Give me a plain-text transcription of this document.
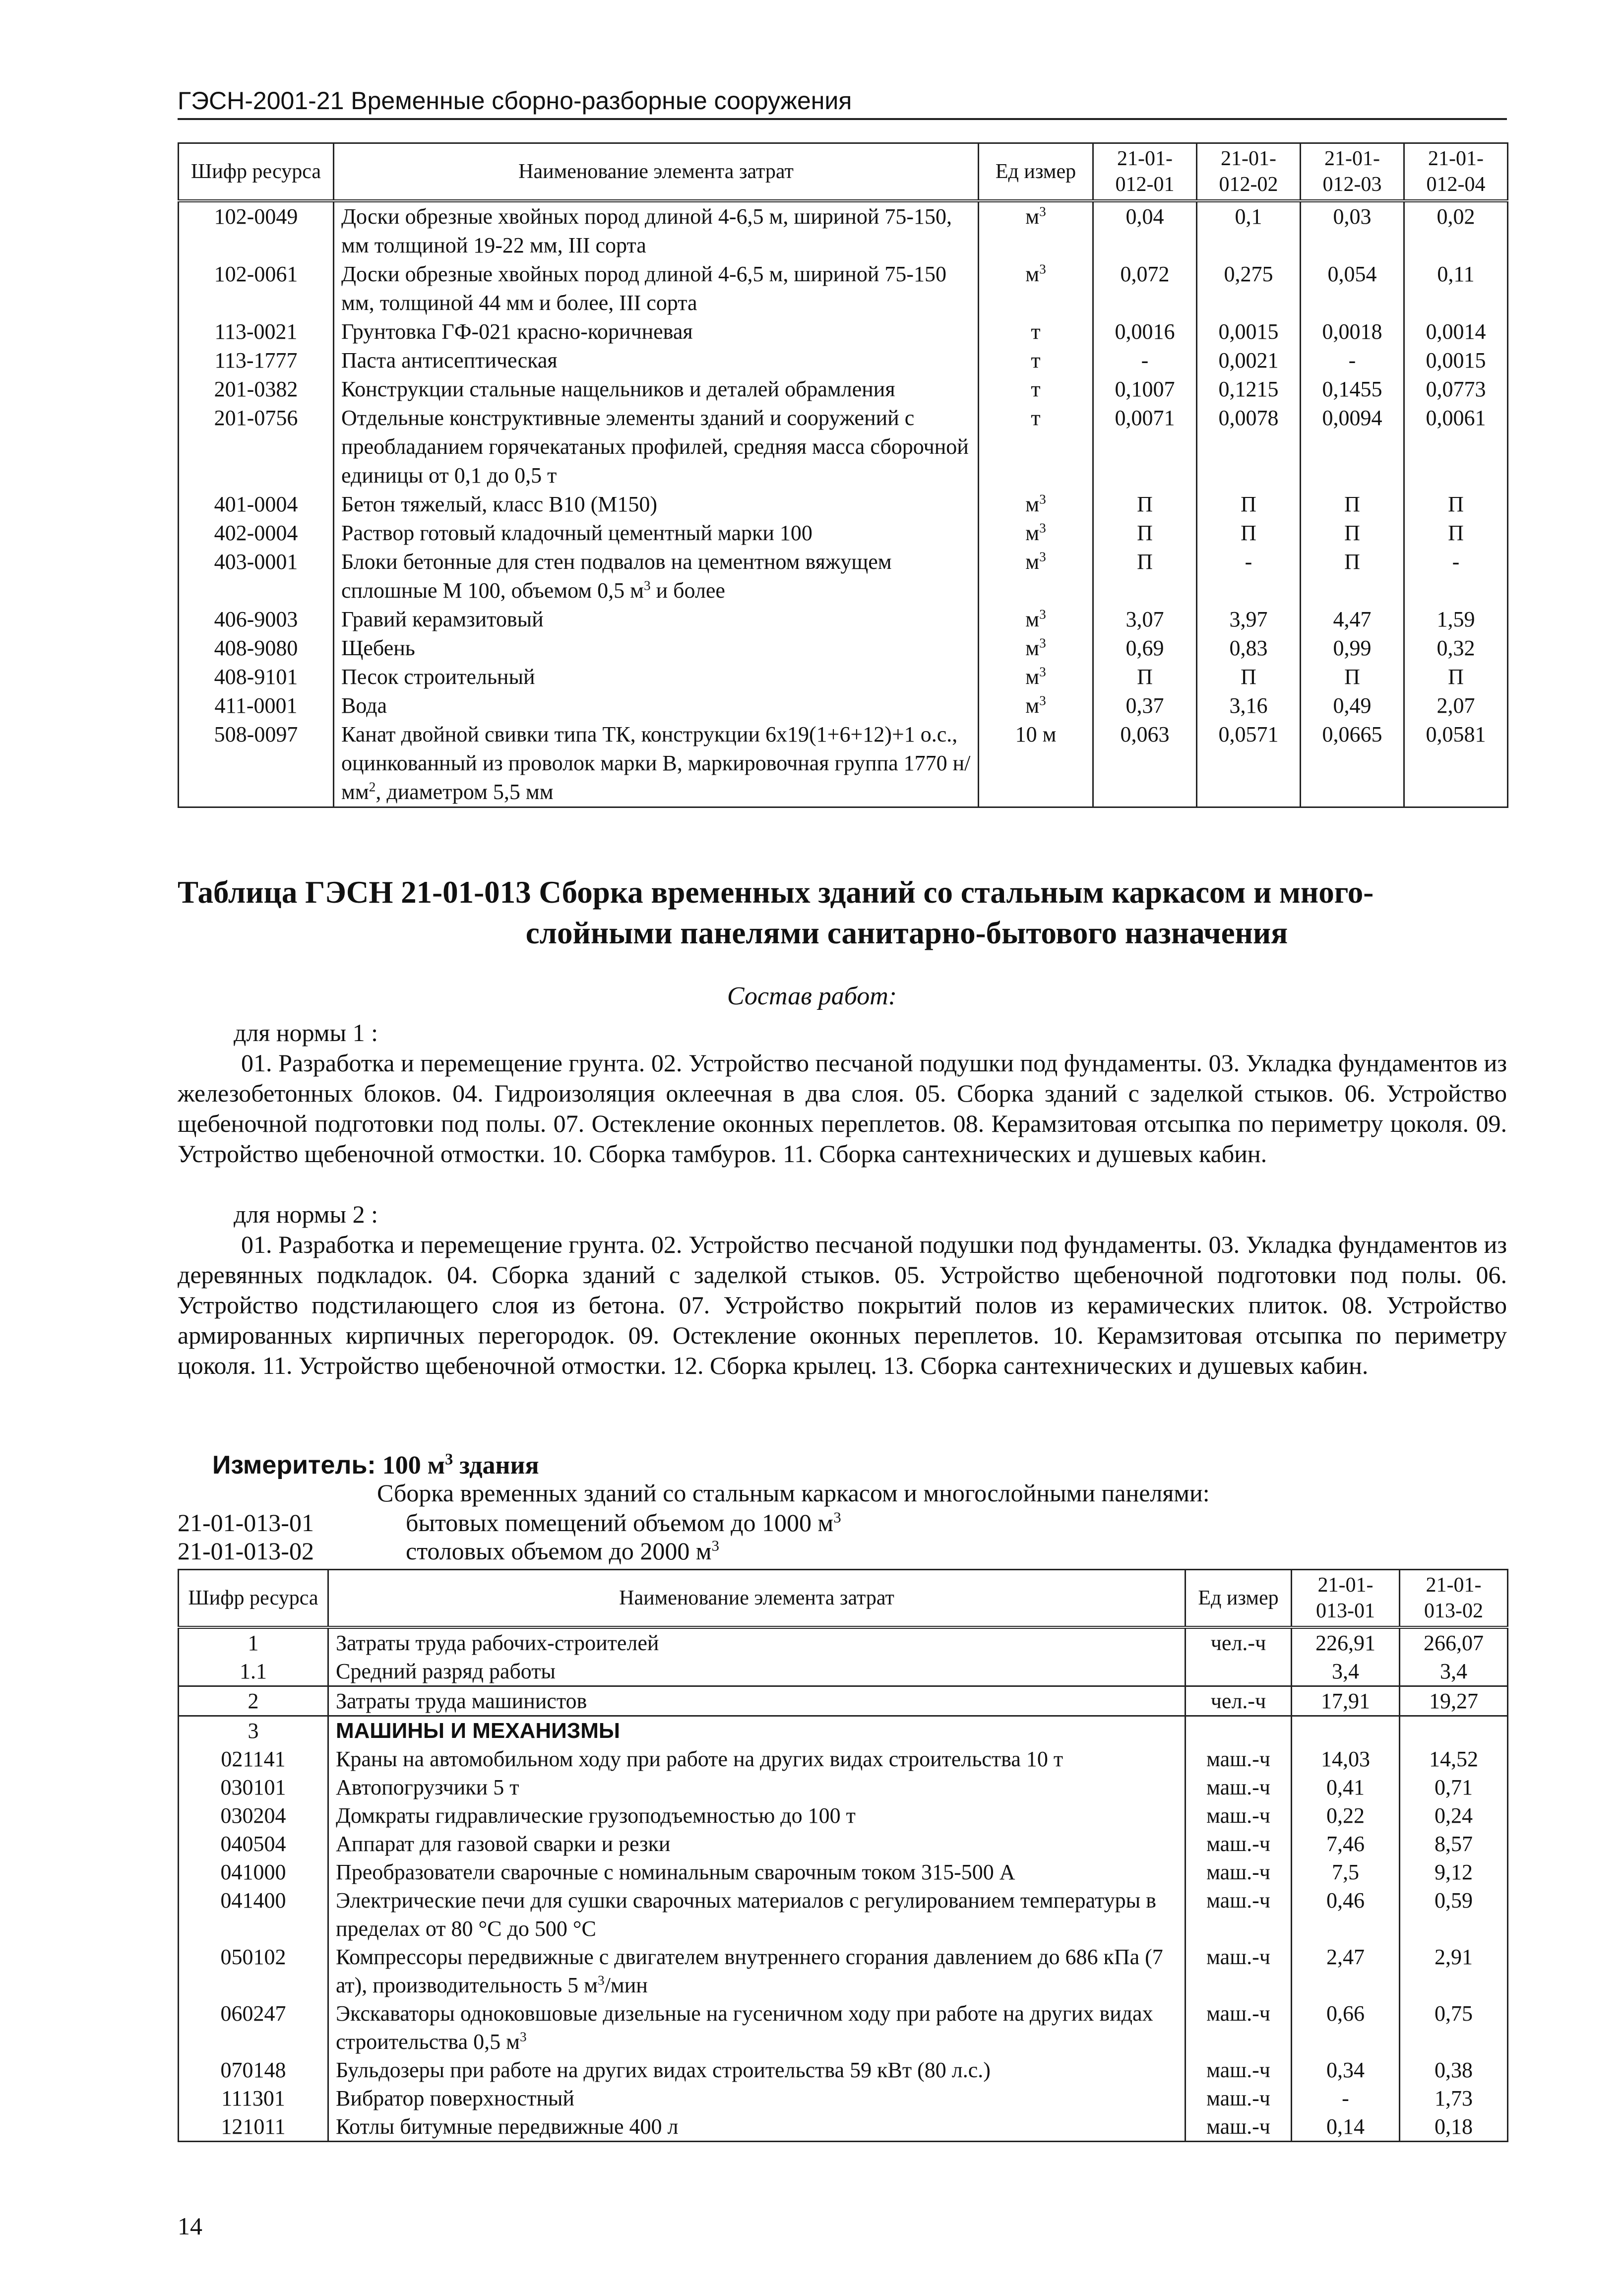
ГЭСН-2001-21 Временные сборно-разборные сооружения
Шифр ресурса	Наименование элемента затрат	Ед измер	21-01-012-01	21-01-012-02	21-01-012-03	21-01-012-04
102-0049	Доски обрезные хвойных пород длиной 4-6,5 м, шириной 75-150, мм толщиной 19-22 мм, III сорта	$м^3$	0,04	0,1	0,03	0,02
102-0061	Доски обрезные хвойных пород длиной 4-6,5 м, шириной 75-150 мм, толщиной 44 мм и более, III сорта	$м^3$	0,072	0,275	0,054	0,11
113-0021	Грунтовка ГФ-021 красно-коричневая	т	0,0016	0,0015	0,0018	0,0014
113-1777	Паста антисептическая	т	-	0,0021	-	0,0015
201-0382	Конструкции стальные нащельников и деталей обрамления	т	0,1007	0,1215	0,1455	0,0773
201-0756	Отдельные конструктивные элементы зданий и сооружений с преобладанием горячекатаных профилей, средняя масса сборочной единицы от 0,1 до 0,5 т	т	0,0071	0,0078	0,0094	0,0061
401-0004	Бетон тяжелый, класс В10 (М150)	$м^3$	П	П	П	П
402-0004	Раствор готовый кладочный цементный марки 100	$м^3$	П	П	П	П
403-0001	Блоки бетонные для стен подвалов на цементном вяжущем сплошные М 100, объемом 0,5 $м^3$ и более	$м^3$	П	-	П	-
406-9003	Гравий керамзитовый	$м^3$	3,07	3,97	4,47	1,59
408-9080	Щебень	$м^3$	0,69	0,83	0,99	0,32
408-9101	Песок строительный	$м^3$	П	П	П	П
411-0001	Вода	$м^3$	0,37	3,16	0,49	2,07
508-0097	Канат двойной свивки типа ТК, конструкции 6х19(1+6+12)+1 о.с., оцинкованный из проволок марки В, маркировочная группа 1770 $н/мм^2$, диаметром 5,5 мм	10 м	0,063	0,0571	0,0665	0,0581
Таблица ГЭСН 21-01-013 Сборка временных зданий со стальным каркасом и много-
слойными панелями санитарно-бытового назначения
Состав работ:

для нормы 1 :

01. Разработка и перемещение грунта. 02. Устройство песчаной подушки под фундаменты. 03. Укладка фундаментов из железобетонных блоков. 04. Гидроизоляция оклеечная в два слоя. 05. Сборка зданий с заделкой стыков. 06. Устройство щебеночной подготовки под полы. 07. Остекление оконных переплетов. 08. Керамзитовая отсыпка по периметру цоколя. 09. Устройство щебеночной отмостки. 10. Сборка тамбуров. 11. Сборка сантехнических и душевых кабин.

для нормы 2 :

01. Разработка и перемещение грунта. 02. Устройство песчаной подушки под фундаменты. 03. Укладка фундаментов из деревянных подкладок. 04. Сборка зданий с заделкой стыков. 05. Устройство щебеночной подготовки под полы. 06. Устройство подстилающего слоя из бетона. 07. Устройство покрытий полов из керамических плиток. 08. Устройство армированных кирпичных перегородок. 09. Остекление оконных переплетов. 10. Керамзитовая отсыпка по периметру цоколя. 11. Устройство щебеночной отмостки. 12. Сборка крылец. 13. Сборка сантехнических и душевых кабин.

Измеритель: 100 $м^3$ здания
Сборка временных зданий со стальным каркасом и многослойными панелями:
21-01-013-01	бытовых помещений объемом до 1000 $м^3$
21-01-013-02	столовых объемом до 2000 $м^3$
Шифр ресурса	Наименование элемента затрат	Ед измер	21-01-013-01	21-01-013-02
1	Затраты труда рабочих-строителей	чел.-ч	226,91	266,07
1.1	Средний разряд работы		3,4	3,4
2	Затраты труда машинистов	чел.-ч	17,91	19,27
3	МАШИНЫ И МЕХАНИЗМЫ			
021141	Краны на автомобильном ходу при работе на других видах строительства 10 т	маш.-ч	14,03	14,52
030101	Автопогрузчики 5 т	маш.-ч	0,41	0,71
030204	Домкраты гидравлические грузоподъемностью до 100 т	маш.-ч	0,22	0,24
040504	Аппарат для газовой сварки и резки	маш.-ч	7,46	8,57
041000	Преобразователи сварочные с номинальным сварочным током 315-500 А	маш.-ч	7,5	9,12
041400	Электрические печи для сушки сварочных материалов с регулированием температуры в пределах от 80 °С до 500 °С	маш.-ч	0,46	0,59
050102	Компрессоры передвижные с двигателем внутреннего сгорания давлением до 686 кПа (7 ат), производительность 5 $м^3$/мин	маш.-ч	2,47	2,91
060247	Экскаваторы одноковшовые дизельные на гусеничном ходу при работе на других видах строительства 0,5 $м^3$	маш.-ч	0,66	0,75
070148	Бульдозеры при работе на других видах строительства 59 кВт (80 л.с.)	маш.-ч	0,34	0,38
111301	Вибратор поверхностный	маш.-ч	-	1,73
121011	Котлы битумные передвижные 400 л	маш.-ч	0,14	0,18
14
